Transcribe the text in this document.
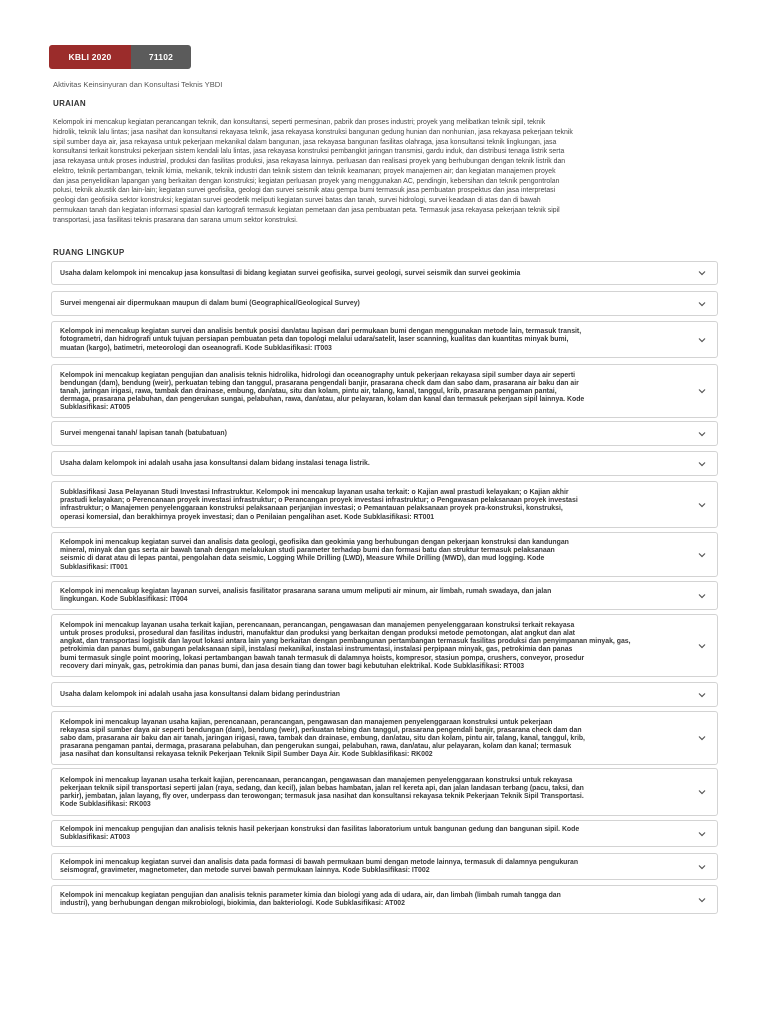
KBLI 2020	71102
Aktivitas Keinsinyuran dan Konsultasi Teknis YBDI
URAIAN
Kelompok ini mencakup kegiatan perancangan teknik, dan konsultansi, seperti permesinan, pabrik dan proses industri; proyek yang melibatkan teknik sipil, teknik
hidrolik, teknik lalu lintas; jasa nasihat dan konsultansi rekayasa teknik, jasa rekayasa konstruksi bangunan gedung hunian dan nonhunian, jasa rekayasa pekerjaan teknik
sipil sumber daya air, jasa rekayasa untuk pekerjaan mekanikal dalam bangunan, jasa rekayasa bangunan fasilitas olahraga, jasa konsultansi teknik lingkungan, jasa
konsultansi terkait konstruksi pekerjaan sistem kendali lalu lintas, jasa rekayasa konstruksi pembangkit jaringan transmisi, gardu induk, dan distribusi tenaga listrik serta
jasa rekayasa untuk proses industrial, produksi dan fasilitas produksi, jasa rekayasa lainnya. perluasan dan realisasi proyek yang berhubungan dengan teknik listrik dan
elektro, teknik pertambangan, teknik kimia, mekanik, teknik industri dan teknik sistem dan teknik keamanan; proyek manajemen air; dan kegiatan manajemen proyek
dan jasa penyelidikan lapangan yang berkaitan dengan konstruksi; kegiatan perluasan proyek yang menggunakan AC, pendingin, kebersihan dan teknik pengontrolan
polusi, teknik akustik dan lain-lain; kegiatan survei geofisika, geologi dan survei seismik atau gempa bumi termasuk jasa pembuatan prospektus dan jasa interpretasi
geologi dan geofisika sektor konstruksi; kegiatan survei geodetik meliputi kegiatan survei batas dan tanah, survei hidrologi, survei keadaan di atas dan di bawah
permukaan tanah dan kegiatan informasi spasial dan kartografi termasuk kegiatan pemetaan dan jasa pembuatan peta. Termasuk jasa rekayasa pekerjaan teknik sipil
transportasi, jasa fasilitasi teknis prasarana dan sarana umum sektor konstruksi.
RUANG LINGKUP
Usaha dalam kelompok ini mencakup jasa konsultasi di bidang kegiatan survei geofisika, survei geologi, survei seismik dan survei geokimia
Survei mengenai air dipermukaan maupun di dalam bumi (Geographical/Geological Survey)
Kelompok ini mencakup kegiatan survei dan analisis bentuk posisi dan/atau lapisan dari permukaan bumi dengan menggunakan metode lain, termasuk transit,
fotogrametri, dan hidrografi untuk tujuan persiapan pembuatan peta dan topologi melalui udara/satelit, laser scanning, kualitas dan kuantitas minyak bumi,
muatan (kargo), batimetri, meteorologi dan oseanografi. Kode Subklasifikasi: IT003
Kelompok ini mencakup kegiatan pengujian dan analisis teknis hidrolika, hidrologi dan oceanography untuk pekerjaan rekayasa sipil sumber daya air seperti
bendungan (dam), bendung (weir), perkuatan tebing dan tanggul, prasarana pengendali banjir, prasarana check dam dan sabo dam, prasarana air baku dan air
tanah, jaringan irigasi, rawa, tambak dan drainase, embung, dan/atau, situ dan kolam, pintu air, talang, kanal, tanggul, krib, prasarana pengaman pantai,
dermaga, prasarana pelabuhan, dan pengerukan sungai, pelabuhan, rawa, dan/atau, alur pelayaran, kolam dan kanal dan termasuk pekerjaan sipil lainnya. Kode
Subklasifikasi: AT005
Survei mengenai tanah/ lapisan tanah (batubatuan)
Usaha dalam kelompok ini adalah usaha jasa konsultansi dalam bidang instalasi tenaga listrik.
Subklasifikasi Jasa Pelayanan Studi Investasi Infrastruktur. Kelompok ini mencakup layanan usaha terkait: o Kajian awal prastudi kelayakan; o Kajian akhir
prastudi kelayakan; o Perencanaan proyek investasi infrastruktur; o Perancangan proyek investasi infrastruktur; o Pengawasan pelaksanaan proyek investasi
infrastruktur; o Manajemen penyelenggaraan konstruksi pelaksanaan perjanjian investasi; o Pemantauan pelaksanaan proyek pra-konstruksi, konstruksi,
operasi komersial, dan berakhirnya proyek investasi; dan o Penilaian pengalihan aset. Kode Subklasifikasi: RT001
Kelompok ini mencakup kegiatan survei dan analisis data geologi, geofisika dan geokimia yang berhubungan dengan pekerjaan konstruksi dan kandungan
mineral, minyak dan gas serta air bawah tanah dengan melakukan studi parameter terhadap bumi dan formasi batu dan struktur termasuk pelaksanaan
seismic di darat atau di lepas pantai, pengolahan data seismic, Logging While Drilling (LWD), Measure While Drilling (MWD), dan mud logging. Kode
Subklasifikasi: IT001
Kelompok ini mencakup kegiatan layanan survei, analisis fasilitator prasarana sarana umum meliputi air minum, air limbah, rumah swadaya, dan jalan
lingkungan. Kode Subklasifikasi: IT004
Kelompok ini mencakup layanan usaha terkait kajian, perencanaan, perancangan, pengawasan dan manajemen penyelenggaraan konstruksi terkait rekayasa
untuk proses produksi, prosedural dan fasilitas industri, manufaktur dan produksi yang berkaitan dengan produksi metode pemotongan, alat angkut dan alat
angkat, dan transportasi logistik dan layout lokasi antara lain yang berkaitan dengan pembangunan pertambangan termasuk fasilitas produksi dan penyimpanan minyak, gas,
petrokimia dan panas bumi, gabungan pelaksanaan sipil, instalasi mekanikal, instalasi instrumentasi, instalasi perpipaan minyak, gas, petrokimia dan panas
bumi termasuk single point mooring, lokasi pertambangan bawah tanah termasuk di dalamnya hoists, kompresor, stasiun pompa, crushers, conveyor, prosedur
recovery dari minyak, gas, petrokimia dan panas bumi, dan jasa desain tiang dan tower bagi kebutuhan elektrikal. Kode Subklasifikasi: RT003
Usaha dalam kelompok ini adalah usaha jasa konsultansi dalam bidang perindustrian
Kelompok ini mencakup layanan usaha kajian, perencanaan, perancangan, pengawasan dan manajemen penyelenggaraan konstruksi untuk pekerjaan
rekayasa sipil sumber daya air seperti bendungan (dam), bendung (weir), perkuatan tebing dan tanggul, prasarana pengendali banjir, prasarana check dam dan
sabo dam, prasarana air baku dan air tanah, jaringan irigasi, rawa, tambak dan drainase, embung, dan/atau, situ dan kolam, pintu air, talang, kanal, tanggul, krib,
prasarana pengaman pantai, dermaga, prasarana pelabuhan, dan pengerukan sungai, pelabuhan, rawa, dan/atau, alur pelayaran, kolam dan kanal; termasuk
jasa nasihat dan konsultansi rekayasa teknik Pekerjaan Teknik Sipil Sumber Daya Air. Kode Subklasifikasi: RK002
Kelompok ini mencakup layanan usaha terkait kajian, perencanaan, perancangan, pengawasan dan manajemen penyelenggaraan konstruksi untuk rekayasa
pekerjaan teknik sipil transportasi seperti jalan (raya, sedang, dan kecil), jalan bebas hambatan, jalan rel kereta api, dan jalan landasan terbang (pacu, taksi, dan
parkir), jembatan, jalan layang, fly over, underpass dan terowongan; termasuk jasa nasihat dan konsultansi rekayasa teknik Pekerjaan Teknik Sipil Transportasi.
Kode Subklasifikasi: RK003
Kelompok ini mencakup pengujian dan analisis teknis hasil pekerjaan konstruksi dan fasilitas laboratorium untuk bangunan gedung dan bangunan sipil. Kode
Subklasifikasi: AT003
Kelompok ini mencakup kegiatan survei dan analisis data pada formasi di bawah permukaan bumi dengan metode lainnya, termasuk di dalamnya pengukuran
seismograf, gravimeter, magnetometer, dan metode survei bawah permukaan lainnya. Kode Subklasifikasi: IT002
Kelompok ini mencakup kegiatan pengujian dan analisis teknis parameter kimia dan biologi yang ada di udara, air, dan limbah (limbah rumah tangga dan
industri), yang berhubungan dengan mikrobiologi, biokimia, dan bakteriologi. Kode Subklasifikasi: AT002
